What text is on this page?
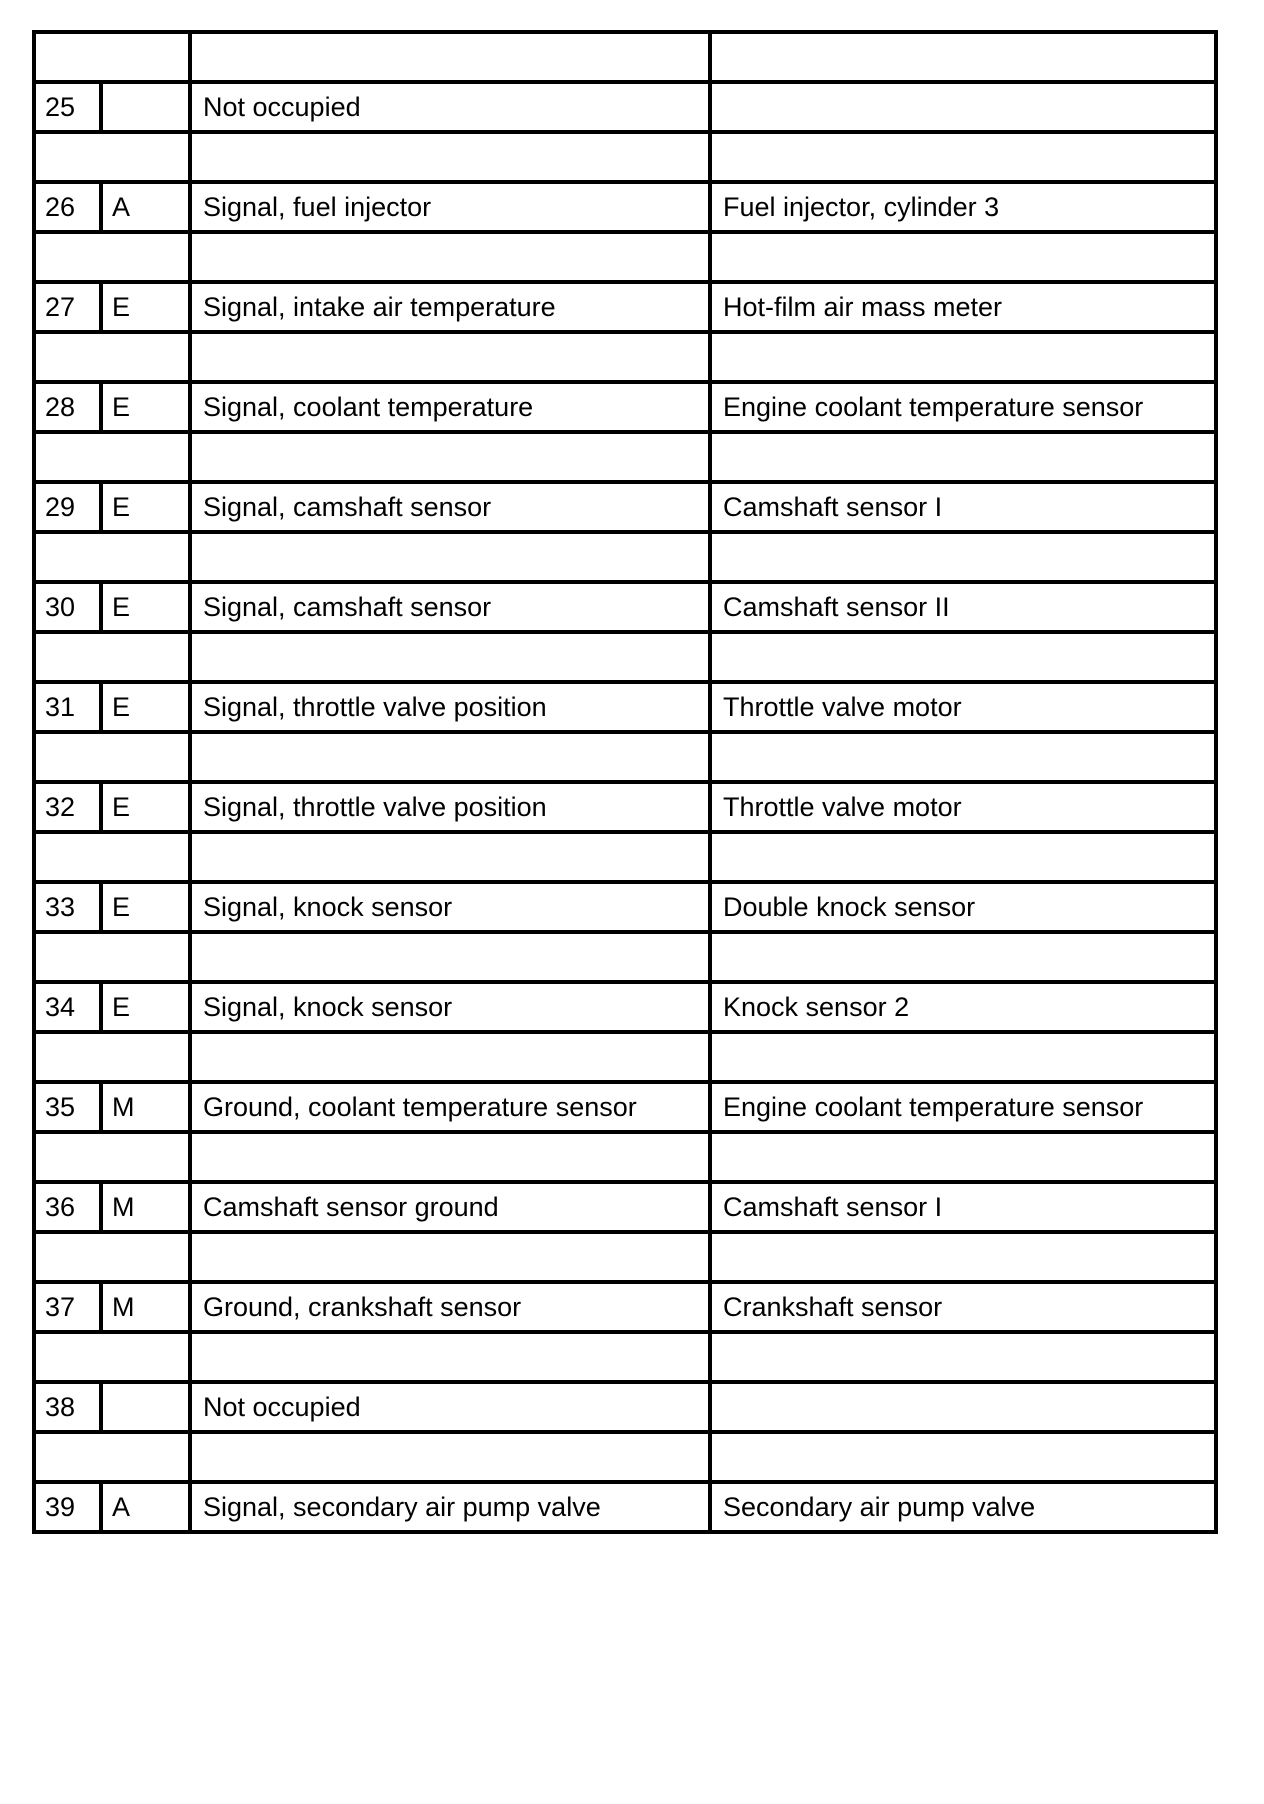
25		Not occupied	

26	A	Signal, fuel injector	Fuel injector, cylinder 3

27	E	Signal, intake air temperature	Hot-film air mass meter

28	E	Signal, coolant temperature	Engine coolant temperature sensor

29	E	Signal, camshaft sensor	Camshaft sensor I

30	E	Signal, camshaft sensor	Camshaft sensor II

31	E	Signal, throttle valve position	Throttle valve motor

32	E	Signal, throttle valve position	Throttle valve motor

33	E	Signal, knock sensor	Double knock sensor

34	E	Signal, knock sensor	Knock sensor 2

35	M	Ground, coolant temperature sensor	Engine coolant temperature sensor

36	M	Camshaft sensor ground	Camshaft sensor I

37	M	Ground, crankshaft sensor	Crankshaft sensor

38		Not occupied	

39	A	Signal, secondary air pump valve	Secondary air pump valve
